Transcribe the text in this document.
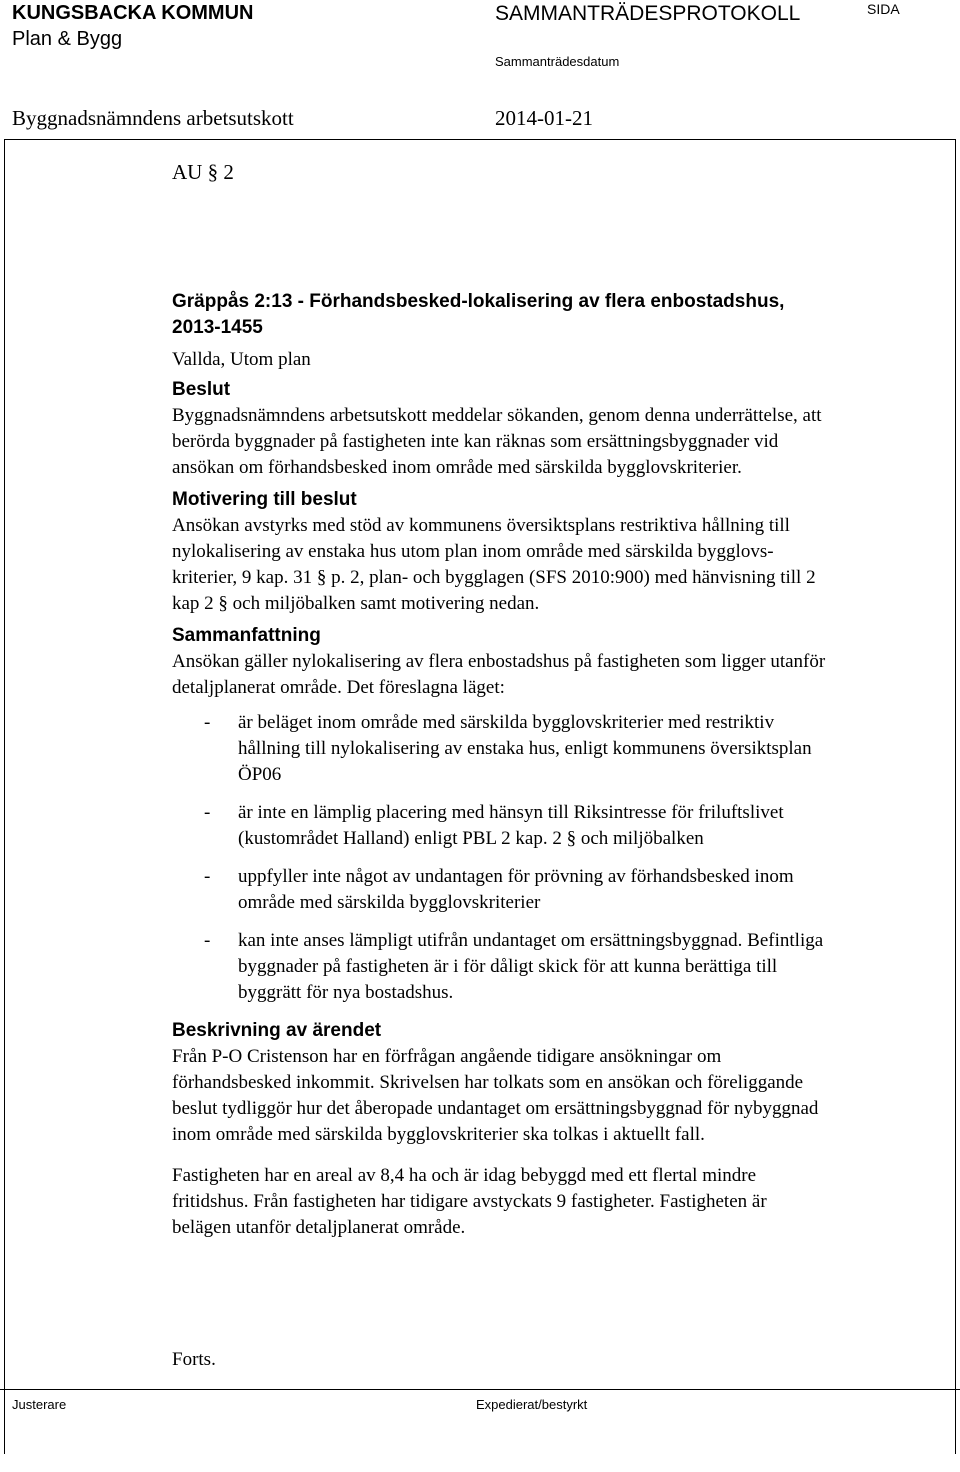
KUNGSBACKA KOMMUN
Plan & Bygg
SAMMANTRÄDESPROTOKOLL	SIDA
Sammanträdesdatum
Byggnadsnämndens arbetsutskott	2014-01-21
AU § 2

Gräppås 2:13 - Förhandsbesked-lokalisering av flera enbostadshus,
2013-1455

Vallda, Utom plan

Beslut

Byggnadsnämndens arbetsutskott meddelar sökanden, genom denna underrättelse, att
berörda byggnader på fastigheten inte kan räknas som ersättningsbyggnader vid
ansökan om förhandsbesked inom område med särskilda bygglovskriterier.

Motivering till beslut

Ansökan avstyrks med stöd av kommunens översiktsplans restriktiva hållning till
nylokalisering av enstaka hus utom plan inom område med särskilda bygglovs-
kriterier, 9 kap. 31 § p. 2, plan- och bygglagen (SFS 2010:900) med hänvisning till 2
kap 2 § och miljöbalken samt motivering nedan.

Sammanfattning

Ansökan gäller nylokalisering av flera enbostadshus på fastigheten som ligger utanför
detaljplanerat område. Det föreslagna läget:

- är beläget inom område med särskilda bygglovskriterier med restriktiv
hållning till nylokalisering av enstaka hus, enligt kommunens översiktsplan
ÖP06
- är inte en lämplig placering med hänsyn till Riksintresse för friluftslivet
(kustområdet Halland) enligt PBL 2 kap. 2 § och miljöbalken
- uppfyller inte något av undantagen för prövning av förhandsbesked inom
område med särskilda bygglovskriterier
- kan inte anses lämpligt utifrån undantaget om ersättningsbyggnad. Befintliga
byggnader på fastigheten är i för dåligt skick för att kunna berättiga till
byggrätt för nya bostadshus.
Beskrivning av ärendet

Från P-O Cristenson har en förfrågan angående tidigare ansökningar om
förhandsbesked inkommit. Skrivelsen har tolkats som en ansökan och föreliggande
beslut tydliggör hur det åberopade undantaget om ersättningsbyggnad för nybyggnad
inom område med särskilda bygglovskriterier ska tolkas i aktuellt fall.

Fastigheten har en areal av 8,4 ha och är idag bebyggd med ett flertal mindre
fritidshus. Från fastigheten har tidigare avstyckats 9 fastigheter. Fastigheten är
belägen utanför detaljplanerat område.

Forts.
Justerare	Expedierat/bestyrkt
